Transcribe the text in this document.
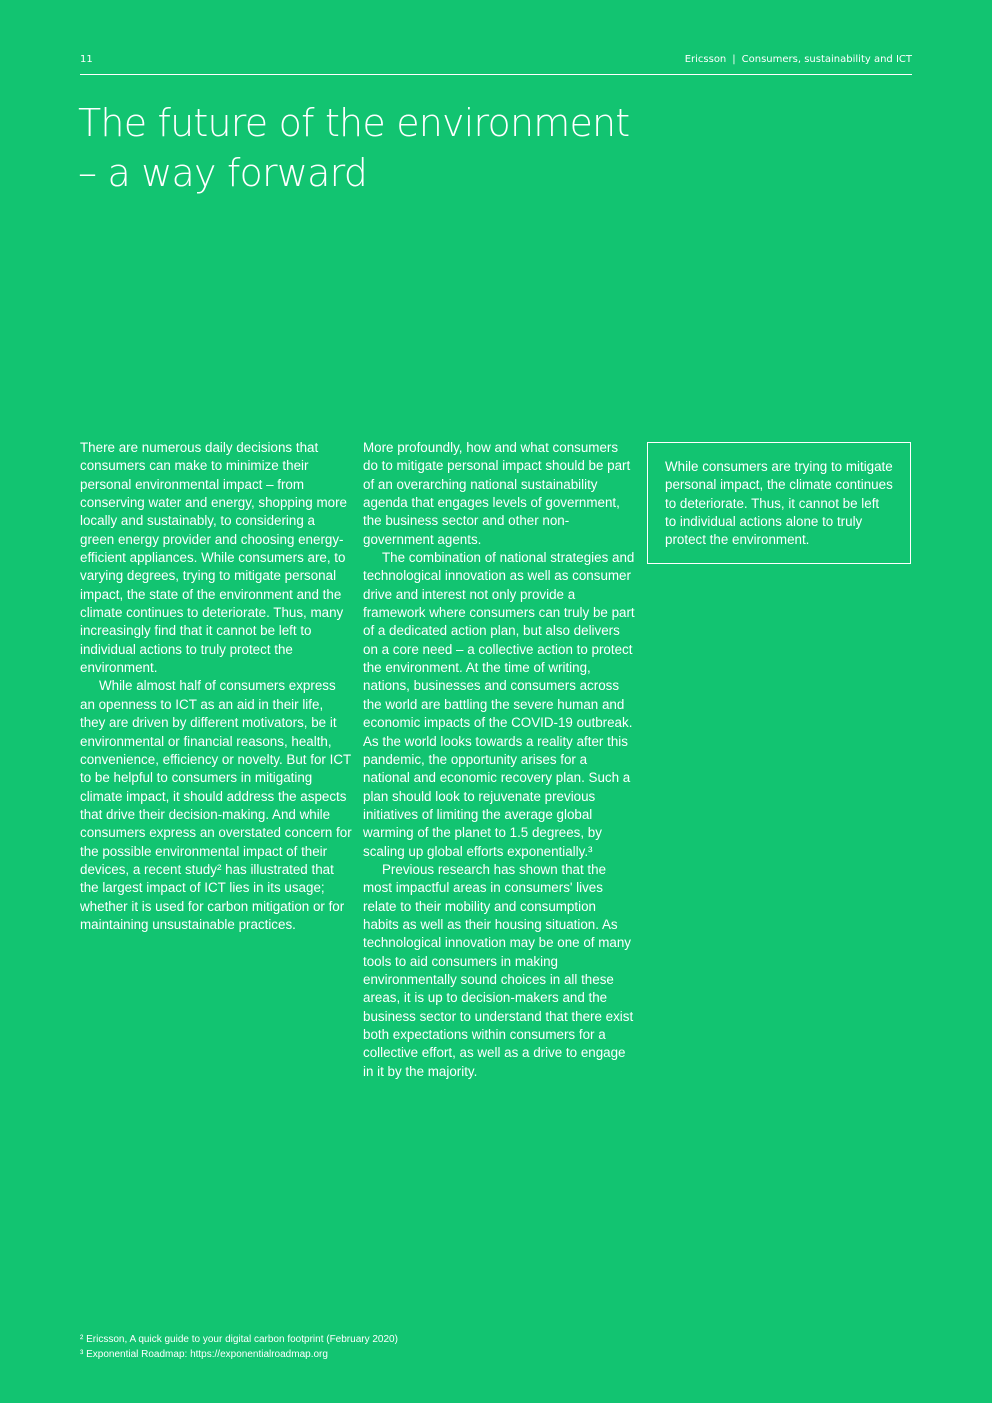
11	Ericsson | Consumers, sustainability and ICT
The future of the environment
– a way forward

There are numerous daily decisions that consumers can make to minimize their personal environmental impact – from conserving water and energy, shopping more locally and sustainably, to considering a green energy provider and choosing energy-efficient appliances. While consumers are, to varying degrees, trying to mitigate personal impact, the state of the environment and the climate continues to deteriorate. Thus, many increasingly find that it cannot be left to individual actions to truly protect the environment.

While almost half of consumers express an openness to ICT as an aid in their life, they are driven by different motivators, be it environmental or financial reasons, health, convenience, efficiency or novelty. But for ICT to be helpful to consumers in mitigating climate impact, it should address the aspects that drive their decision-making. And while consumers express an overstated concern for the possible environmental impact of their devices, a recent study² has illustrated that the largest impact of ICT lies in its usage; whether it is used for carbon mitigation or for maintaining unsustainable practices.

More profoundly, how and what consumers do to mitigate personal impact should be part of an overarching national sustainability agenda that engages levels of government, the business sector and other non-government agents.

The combination of national strategies and technological innovation as well as consumer drive and interest not only provide a framework where consumers can truly be part of a dedicated action plan, but also delivers on a core need – a collective action to protect the environment. At the time of writing, nations, businesses and consumers across the world are battling the severe human and economic impacts of the COVID-19 outbreak. As the world looks towards a reality after this pandemic, the opportunity arises for a national and economic recovery plan. Such a plan should look to rejuvenate previous initiatives of limiting the average global warming of the planet to 1.5 degrees, by scaling up global efforts exponentially.³

Previous research has shown that the most impactful areas in consumers' lives relate to their mobility and consumption habits as well as their housing situation. As technological innovation may be one of many tools to aid consumers in making environmentally sound choices in all these areas, it is up to decision-makers and the business sector to understand that there exist both expectations within consumers for a collective effort, as well as a drive to engage in it by the majority.

While consumers are trying to mitigate personal impact, the climate continues to deteriorate. Thus, it cannot be left to individual actions alone to truly protect the environment.
² Ericsson, A quick guide to your digital carbon footprint (February 2020)
³ Exponential Roadmap: https://exponentialroadmap.org
